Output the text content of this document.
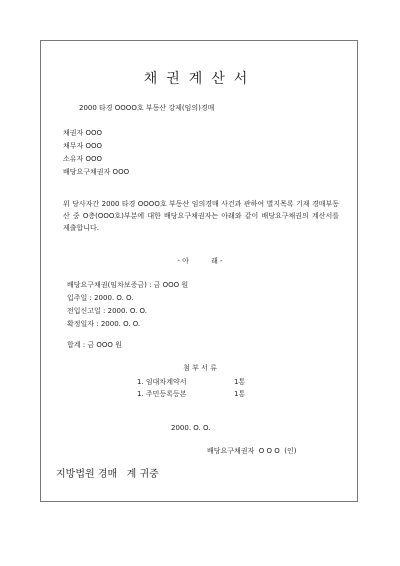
채권계산서
2000 타경 OOOO호 부동산 강제(임의)경매
채권자 OOO
채무자 OOO
소유자 OOO
배당요구채권자 OOO
위 당사자간 2000 타경 OOOO호 부동산 임의경매 사건과 관하여 별지목록 기재 경매부동산 중 O층(OOO호)부분에 대한 배당요구채권자는 아래와 같이 배당요구채권의 계산서를 제출합니다.
- 아          래 -
배당요구채권(임차보증금) : 금 OOO 원
입주일 : 2000. O. O.
전입신고일 : 2000. O. O.
확정일자 : 2000. O. O.
합계 : 금 OOO 원
첨 부 서 류
1. 임대차계약서	1통
1. 주민등록등본	1통
2000. O. O.
배당요구채권자  O O O  (인)
지방법원 경매   계 귀중
